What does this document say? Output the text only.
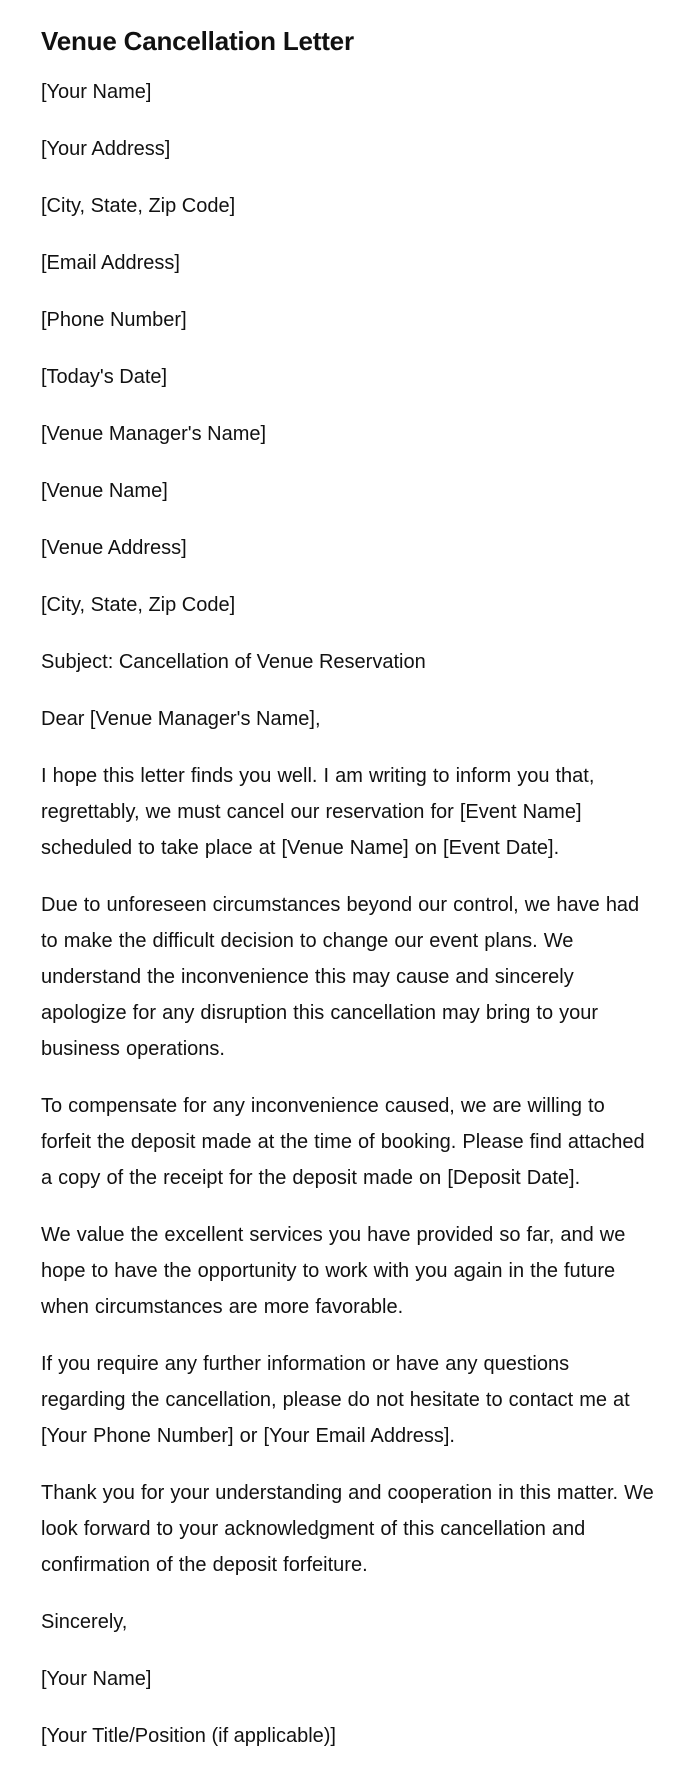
Venue Cancellation Letter

[Your Name]

[Your Address]

[City, State, Zip Code]

[Email Address]

[Phone Number]

[Today's Date]

[Venue Manager's Name]

[Venue Name]

[Venue Address]

[City, State, Zip Code]

Subject: Cancellation of Venue Reservation

Dear [Venue Manager's Name],

I hope this letter finds you well. I am writing to inform you that, regrettably, we must cancel our reservation for [Event Name] scheduled to take place at [Venue Name] on [Event Date].

Due to unforeseen circumstances beyond our control, we have had to make the difficult decision to change our event plans. We understand the inconvenience this may cause and sincerely apologize for any disruption this cancellation may bring to your business operations.

To compensate for any inconvenience caused, we are willing to forfeit the deposit made at the time of booking. Please find attached a copy of the receipt for the deposit made on [Deposit Date].

We value the excellent services you have provided so far, and we hope to have the opportunity to work with you again in the future when circumstances are more favorable.

If you require any further information or have any questions regarding the cancellation, please do not hesitate to contact me at [Your Phone Number] or [Your Email Address].

Thank you for your understanding and cooperation in this matter. We look forward to your acknowledgment of this cancellation and confirmation of the deposit forfeiture.

Sincerely,

[Your Name]

[Your Title/Position (if applicable)]
